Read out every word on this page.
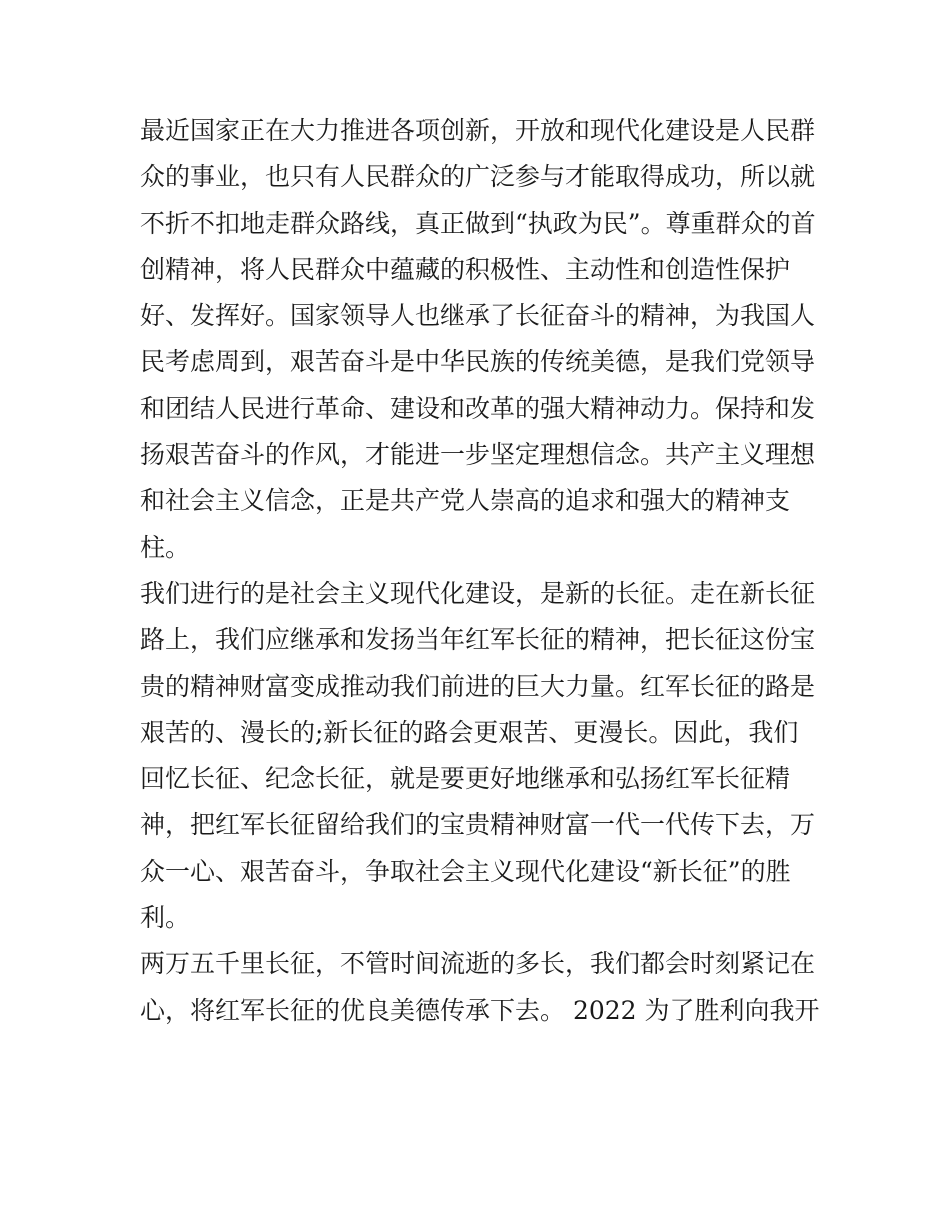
最近国家正在大力推进各项创新，开放和现代化建设是人民群
众的事业，也只有人民群众的广泛参与才能取得成功，所以就
不折不扣地走群众路线，真正做到“执政为民”。尊重群众的首
创精神，将人民群众中蕴藏的积极性、主动性和创造性保护
好、发挥好。国家领导人也继承了长征奋斗的精神，为我国人
民考虑周到，艰苦奋斗是中华民族的传统美德，是我们党领导
和团结人民进行革命、建设和改革的强大精神动力。保持和发
扬艰苦奋斗的作风，才能进一步坚定理想信念。共产主义理想
和社会主义信念，正是共产党人崇高的追求和强大的精神支
柱。
我们进行的是社会主义现代化建设，是新的长征。走在新长征
路上，我们应继承和发扬当年红军长征的精神，把长征这份宝
贵的精神财富变成推动我们前进的巨大力量。红军长征的路是
艰苦的、漫长的;新长征的路会更艰苦、更漫长。因此，我们
回忆长征、纪念长征，就是要更好地继承和弘扬红军长征精
神，把红军长征留给我们的宝贵精神财富一代一代传下去，万
众一心、艰苦奋斗，争取社会主义现代化建设“新长征”的胜
利。
两万五千里长征，不管时间流逝的多长，我们都会时刻紧记在
心，将红军长征的优良美德传承下去。 2022 为了胜利向我开
